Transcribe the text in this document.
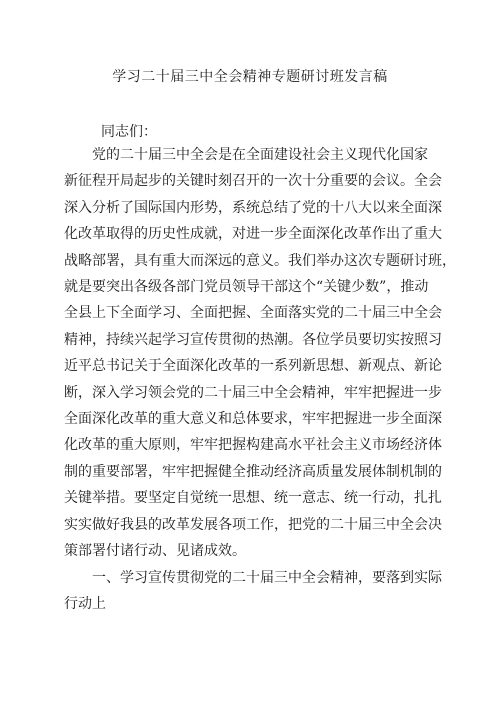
学习二十届三中全会精神专题研讨班发言稿
同志们：
党的二十届三中全会是在全面建设社会主义现代化国家
新征程开局起步的关键时刻召开的一次十分重要的会议。全会
深入分析了国际国内形势，系统总结了党的十八大以来全面深
化改革取得的历史性成就，对进一步全面深化改革作出了重大
战略部署，具有重大而深远的意义。我们举办这次专题研讨班，
就是要突出各级各部门党员领导干部这个“关键少数”，推动
全县上下全面学习、全面把握、全面落实党的二十届三中全会
精神，持续兴起学习宣传贯彻的热潮。各位学员要切实按照习
近平总书记关于全面深化改革的一系列新思想、新观点、新论
断，深入学习领会党的二十届三中全会精神，牢牢把握进一步
全面深化改革的重大意义和总体要求，牢牢把握进一步全面深
化改革的重大原则，牢牢把握构建高水平社会主义市场经济体
制的重要部署，牢牢把握健全推动经济高质量发展体制机制的
关键举措。要坚定自觉统一思想、统一意志、统一行动，扎扎
实实做好我县的改革发展各项工作，把党的二十届三中全会决
策部署付诸行动、见诸成效。
一、学习宣传贯彻党的二十届三中全会精神，要落到实际
行动上
